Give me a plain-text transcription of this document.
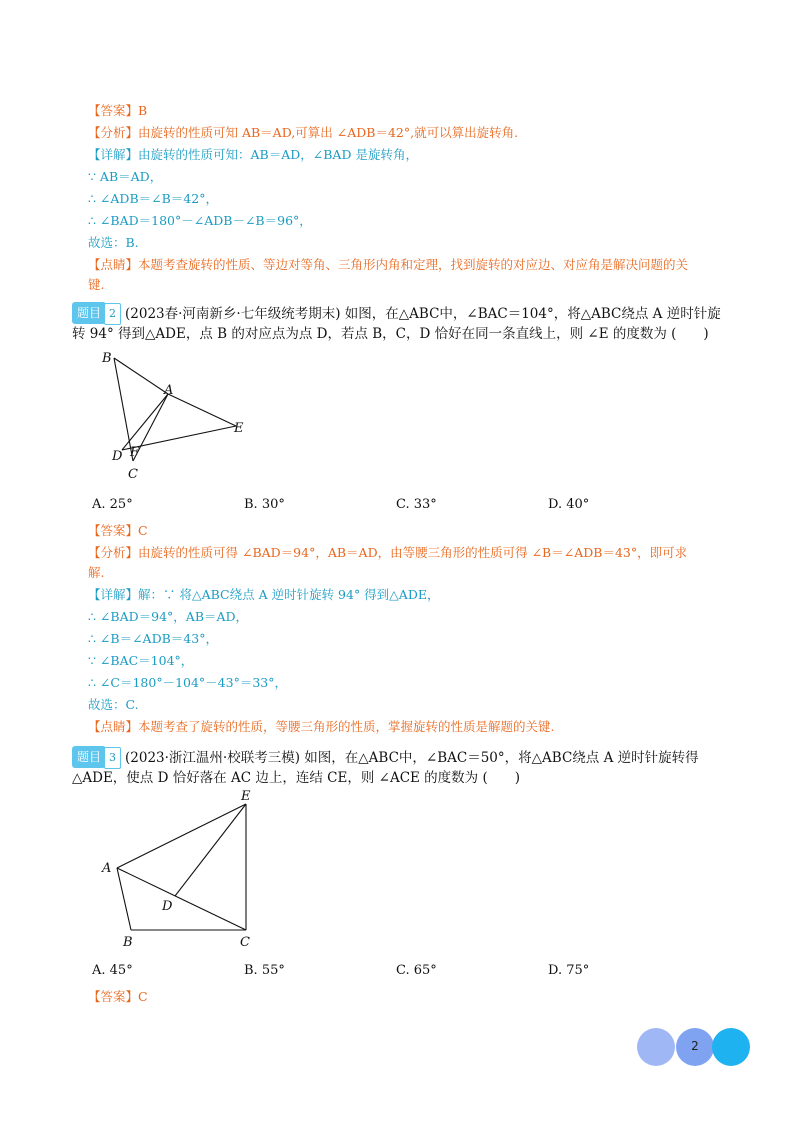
【答案】B
【分析】由旋转的性质可知 AB＝AD,可算出 ∠ADB＝42°,就可以算出旋转角.
【详解】由旋转的性质可知：AB＝AD，∠BAD 是旋转角，
∵ AB＝AD，
∴ ∠ADB＝∠B＝42°，
∴ ∠BAD＝180°－∠ADB－∠B＝96°，
故选：B.
【点睛】本题考查旋转的性质、等边对等角、三角形内角和定理，找到旋转的对应边、对应角是解决问题的关
键.
题目 2 (2023春·河南新乡·七年级统考期末) 如图，在△ABC中，∠BAC＝104°，将△ABC绕点 A 逆时针旋
转 94° 得到△ADE，点 B 的对应点为点 D，若点 B，C，D 恰好在同一条直线上，则 ∠E 的度数为 (　　)
B
A
E
D F
C
A. 25°	B. 30°	C. 33°	D. 40°
【答案】C
【分析】由旋转的性质可得 ∠BAD＝94°，AB＝AD，由等腰三角形的性质可得 ∠B＝∠ADB＝43°，即可求
解.
【详解】解：∵ 将△ABC绕点 A 逆时针旋转 94° 得到△ADE，
∴ ∠BAD＝94°，AB＝AD，
∴ ∠B＝∠ADB＝43°，
∵ ∠BAC＝104°，
∴ ∠C＝180°－104°－43°＝33°，
故选：C.
【点睛】本题考查了旋转的性质，等腰三角形的性质，掌握旋转的性质是解题的关键.
题目 3 (2023·浙江温州·校联考三模) 如图，在△ABC中，∠BAC＝50°，将△ABC绕点 A 逆时针旋转得
△ADE，使点 D 恰好落在 AC 边上，连结 CE，则 ∠ACE 的度数为 (　　)
E
A
D
B	C
A. 45°	B. 55°	C. 65°	D. 75°
【答案】C
2
